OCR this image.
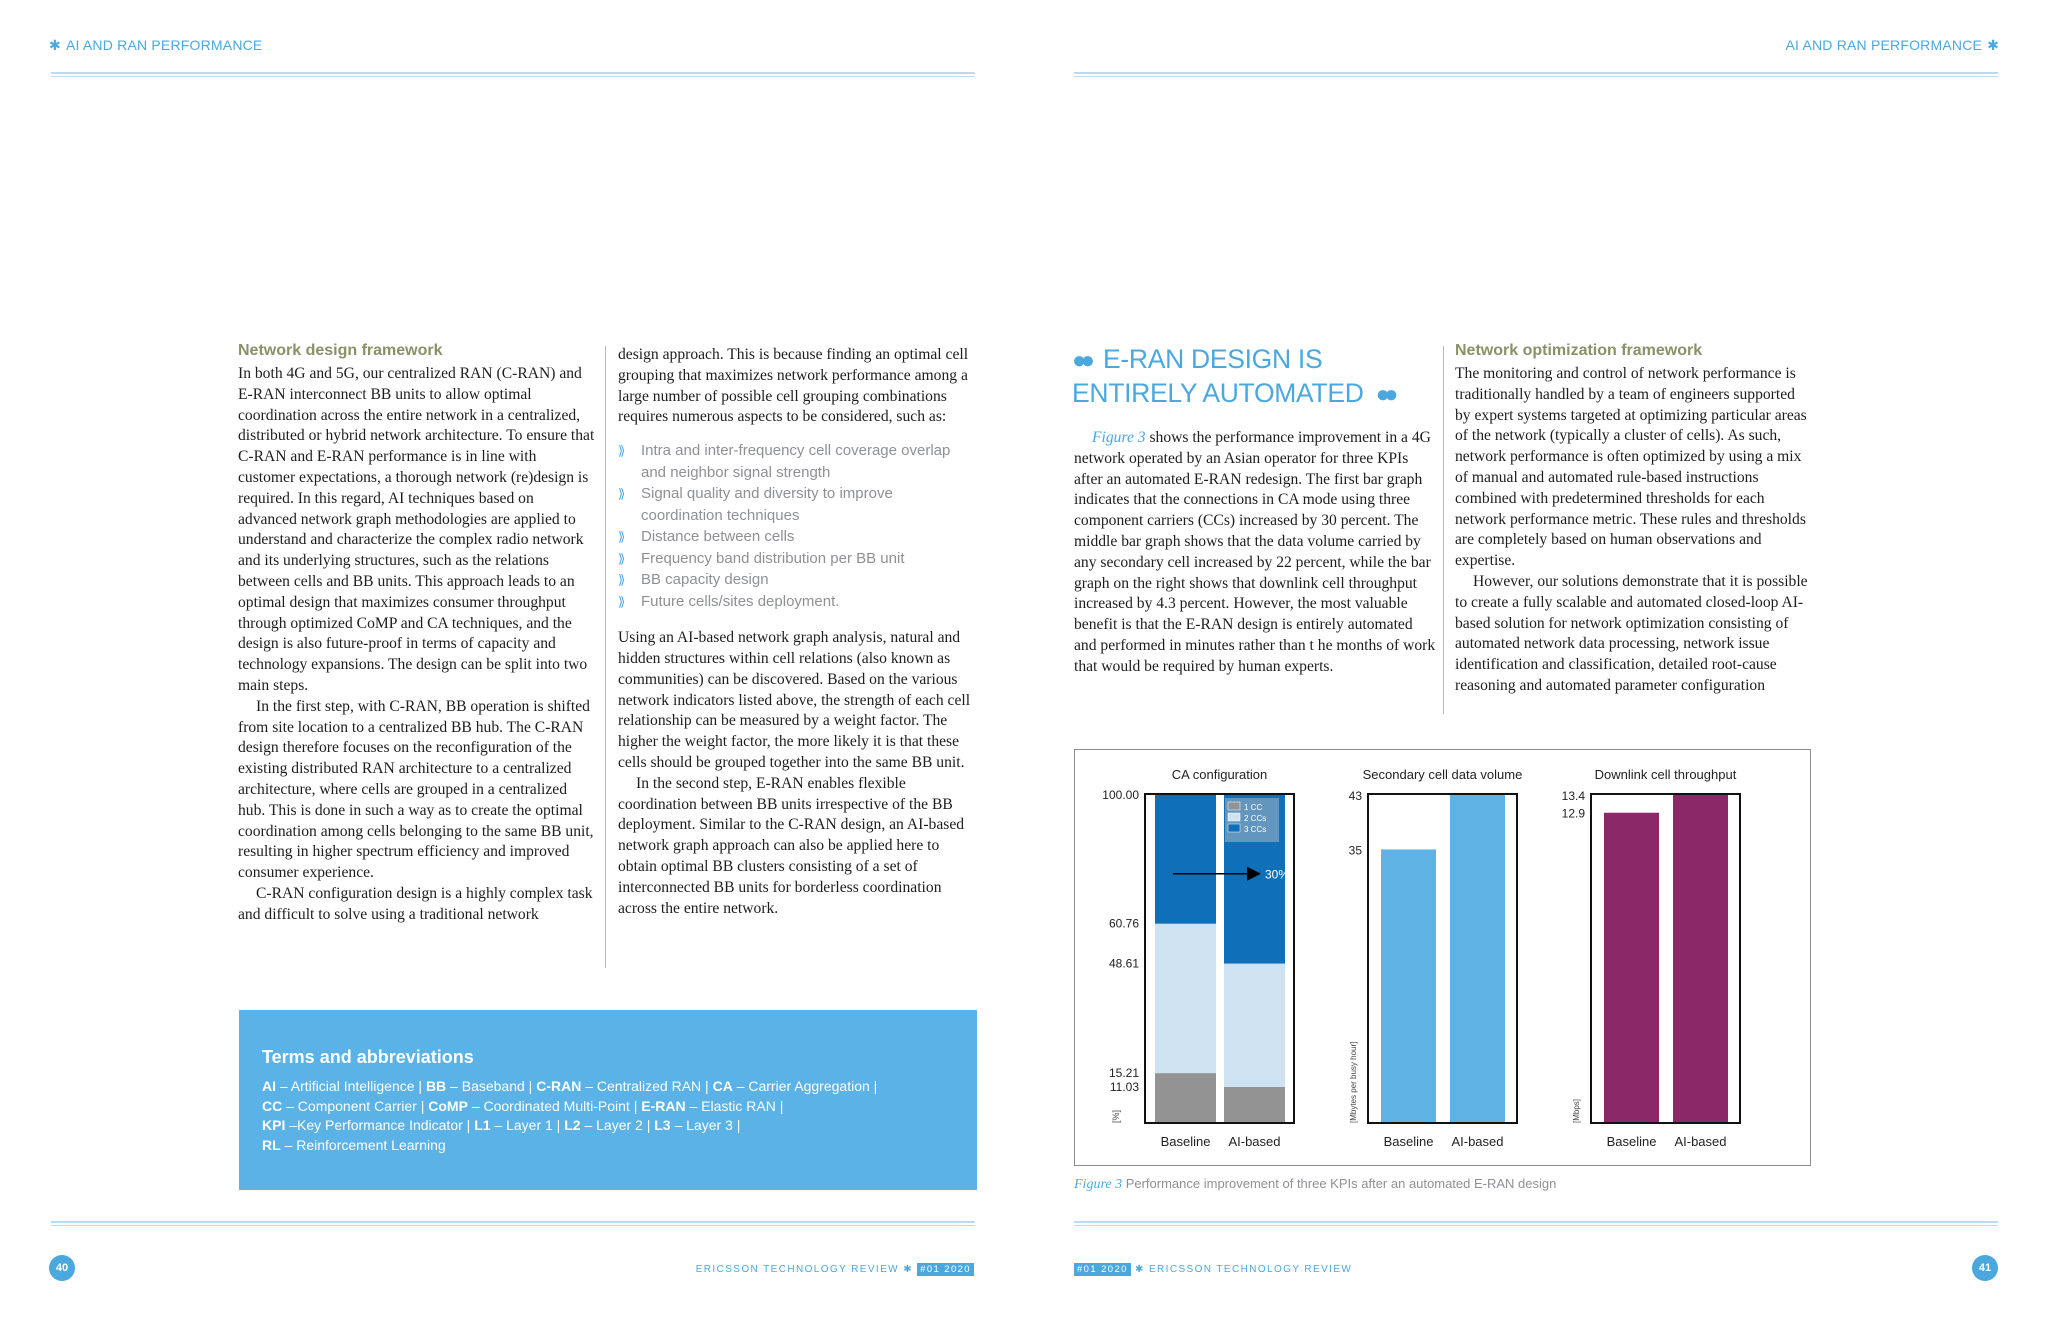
✱ AI AND RAN PERFORMANCE	AI AND RAN PERFORMANCE ✱
Network design framework

In both 4G and 5G, our centralized RAN (C-RAN) and E-RAN interconnect BB units to allow optimal coordination across the entire network in a centralized, distributed or hybrid network architecture. To ensure that C-RAN and E-RAN performance is in line with customer expectations, a thorough network (re)design is required. In this regard, AI techniques based on advanced network graph methodologies are applied to understand and characterize the complex radio network and its underlying structures, such as the relations between cells and BB units. This approach leads to an optimal design that maximizes consumer throughput through optimized CoMP and CA techniques, and the design is also future-proof in terms of capacity and technology expansions. The design can be split into two main steps.

In the first step, with C-RAN, BB operation is shifted from site location to a centralized BB hub. The C-RAN design therefore focuses on the reconfiguration of the existing distributed RAN architecture to a centralized architecture, where cells are grouped in a centralized hub. This is done in such a way as to create the optimal coordination among cells belonging to the same BB unit, resulting in higher spectrum efficiency and improved consumer experience.

C-RAN configuration design is a highly complex task and difficult to solve using a traditional network

design approach. This is because finding an optimal cell grouping that maximizes network performance among a large number of possible cell grouping combinations requires numerous aspects to be considered, such as:

⟫ Intra and inter-frequency cell coverage overlap and neighbor signal strength
⟫ Signal quality and diversity to improve coordination techniques
⟫ Distance between cells
⟫ Frequency band distribution per BB unit
⟫ BB capacity design
⟫ Future cells/sites deployment.

Using an AI-based network graph analysis, natural and hidden structures within cell relations (also known as communities) can be discovered. Based on the various network indicators listed above, the strength of each cell relationship can be measured by a weight factor. The higher the weight factor, the more likely it is that these cells should be grouped together into the same BB unit.

In the second step, E-RAN enables flexible coordination between BB units irrespective of the BB deployment. Similar to the C-RAN design, an AI-based network graph approach can also be applied here to obtain optimal BB clusters consisting of a set of interconnected BB units for borderless coordination across the entire network.

Terms and abbreviations
AI – Artificial Intelligence | BB – Baseband | C-RAN – Centralized RAN | CA – Carrier Aggregation |
CC – Component Carrier | CoMP – Coordinated Multi-Point | E-RAN – Elastic RAN |
KPI –Key Performance Indicator | L1 – Layer 1 | L2 – Layer 2 | L3 – Layer 3 |
RL – Reinforcement Learning
40	ERICSSON TECHNOLOGY REVIEW ✱ #01 2020
●● E-RAN DESIGN IS
ENTIRELY AUTOMATED ●●

Figure 3 shows the performance improvement in a 4G network operated by an Asian operator for three KPIs after an automated E-RAN redesign. The first bar graph indicates that the connections in CA mode using three component carriers (CCs) increased by 30 percent. The middle bar graph shows that the data volume carried by any secondary cell increased by 22 percent, while the bar graph on the right shows that downlink cell throughput increased by 4.3 percent. However, the most valuable benefit is that the E-RAN design is entirely automated and performed in minutes rather than t he months of work that would be required by human experts.

Network optimization framework

The monitoring and control of network performance is traditionally handled by a team of engineers supported by expert systems targeted at optimizing particular areas of the network (typically a cluster of cells). As such, network performance is often optimized by using a mix of manual and automated rule-based instructions combined with predetermined thresholds for each network performance metric. These rules and thresholds are completely based on human observations and expertise.

However, our solutions demonstrate that it is possible to create a fully scalable and automated closed-loop AI-based solution for network optimization consisting of automated network data processing, network issue identification and classification, detailed root-cause reasoning and automated parameter configuration

CA configuration
Baseline AI-based
100.00
60.76
48.61
15.21
11.03
[%]
1 CC
2 CCs
3 CCs
30%
Secondary cell data volume
Baseline AI-based
43
35
[Mbytes per busy hour]
Downlink cell throughput
Baseline AI-based
13.4
12.9
[Mbps]
Figure 3 Performance improvement of three KPIs after an automated E-RAN design
#01 2020 ✱ ERICSSON TECHNOLOGY REVIEW	41
